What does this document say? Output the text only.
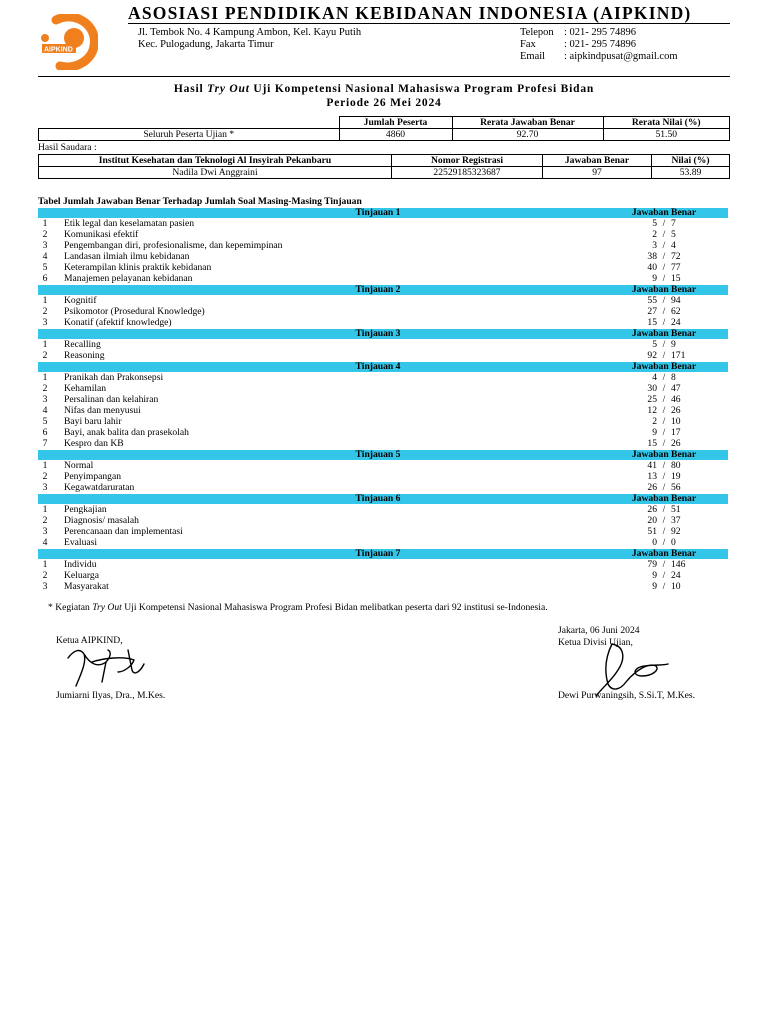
AIPKIND
ASOSIASI PENDIDIKAN KEBIDANAN INDONESIA (AIPKIND)
Jl. Tembok No. 4 Kampung Ambon, Kel. Kayu Putih
Kec. Pulogadung, Jakarta Timur
Telepon : 021- 295 74896
Fax	: 021- 295 74896
Email	: aipkindpusat@gmail.com
Hasil Try Out Uji Kompetensi Nasional Mahasiswa Program Profesi Bidan
Periode 26 Mei 2024
	Jumlah Peserta	Rerata Jawaban Benar	Rerata Nilai (%)
Seluruh Peserta Ujian *	4860	92.70	51.50
Hasil Saudara :
Institut Kesehatan dan Teknologi Al Insyirah Pekanbaru	Nomor Registrasi	Jawaban Benar	Nilai (%)
Nadila Dwi Anggraini	22529185323687	97	53.89
Tabel Jumlah Jawaban Benar Terhadap Jumlah Soal Masing-Masing Tinjauan
Tinjauan 1	Jawaban Benar
1	Etik legal dan keselamatan pasien	5 / 7
2	Komunikasi efektif	2 / 5
3	Pengembangan diri, profesionalisme, dan kepemimpinan	3 / 4
4	Landasan ilmiah ilmu kebidanan	38 / 72
5	Keterampilan klinis praktik kebidanan	40 / 77
6	Manajemen pelayanan kebidanan	9 / 15
Tinjauan 2	Jawaban Benar
1	Kognitif	55 / 94
2	Psikomotor (Prosedural Knowledge)	27 / 62
3	Konatif (afektif knowledge)	15 / 24
Tinjauan 3	Jawaban Benar
1	Recalling	5 / 9
2	Reasoning	92 / 171
Tinjauan 4	Jawaban Benar
1	Pranikah dan Prakonsepsi	4 / 8
2	Kehamilan	30 / 47
3	Persalinan dan kelahiran	25 / 46
4	Nifas dan menyusui	12 / 26
5	Bayi baru lahir	2 / 10
6	Bayi, anak balita dan prasekolah	9 / 17
7	Kespro dan KB	15 / 26
Tinjauan 5	Jawaban Benar
1	Normal	41 / 80
2	Penyimpangan	13 / 19
3	Kegawatdaruratan	26 / 56
Tinjauan 6	Jawaban Benar
1	Pengkajian	26 / 51
2	Diagnosis/ masalah	20 / 37
3	Perencanaan dan implementasi	51 / 92
4	Evaluasi	0 / 0
Tinjauan 7	Jawaban Benar
1	Individu	79 / 146
2	Keluarga	9 / 24
3	Masyarakat	9 / 10
* Kegiatan Try Out Uji Kompetensi Nasional Mahasiswa Program Profesi Bidan melibatkan peserta dari 92 institusi se-Indonesia.
Ketua AIPKIND,
Jumiarni Ilyas, Dra., M.Kes.
Jakarta, 06 Juni 2024
Ketua Divisi Ujian,
Dewi Purwaningsih, S.Si.T, M.Kes.
